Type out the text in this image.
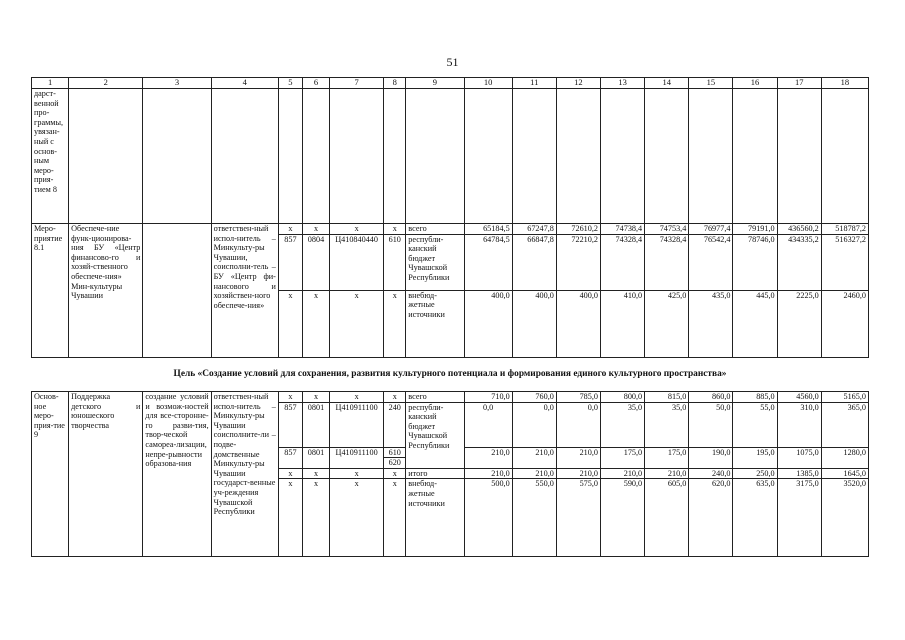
51
1	2	3	4	5	6	7	8	9	10	11	12	13	14	15	16	17	18
дарст-венной про-граммы, увязан-ный с основ-ным меро-прия-тием 8																	
Меро-приятие 8.1	Обеспече-ние функ-ционирова-ния БУ «Центр финансово-го и хозяй-ственного обеспече-ния» Мин-культуры Чувашии		ответствен-ный испол-нитель – Минкульту-ры Чувашии, соисполни-тель – БУ «Центр фи-нансового и хозяйствен-ного обеспече-ния»	x	x	x	x	всего	65184,5	67247,8	72610,2	74738,4	74753,4	76977,4	79191,0	436560,2	518787,2
				857	0804	Ц410840440	610	республи-канский бюджет Чувашской Республики	64784,5	66847,8	72210,2	74328,4	74328,4	76542,4	78746,0	434335,2	516327,2
				x	x	x	x	внебюд-жетные источники	400,0	400,0	400,0	410,0	425,0	435,0	445,0	2225,0	2460,0
Цель «Создание условий для сохранения, развития культурного потенциала и формирования единого культурного пространства»
Основ-ное меро-прия-тие 9	Поддержка детского и юношеского творчества	создание условий и возмож-ностей для все-сторонне-го разви-тия, твор-ческой самореа-лизации, непре-рывности образова-ния	ответствен-ный испол-нитель – Минкульту-ры Чувашии соисполните-ли – подве-домственные Минкульту-ры Чувашии государст-венные уч-реждения Чувашской Республики	x	x	x	x	всего	710,0	760,0	785,0	800,0	815,0	860,0	885,0	4560,0	5165,0
				857	0801	Ц410911100	240	республи-канский бюджет Чувашской Республики	0,0	0,0	0,0	35,0	35,0	50,0	55,0	310,0	365,0
				857	0801	Ц410911100	610		210,0	210,0	210,0	175,0	175,0	190,0	195,0	1075,0	1280,0
							620										
				x	x	x	x	итого	210,0	210,0	210,0	210,0	210,0	240,0	250,0	1385,0	1645,0
				x	x	x	x	внебюд-жетные источники	500,0	550,0	575,0	590,0	605,0	620,0	635,0	3175,0	3520,0
